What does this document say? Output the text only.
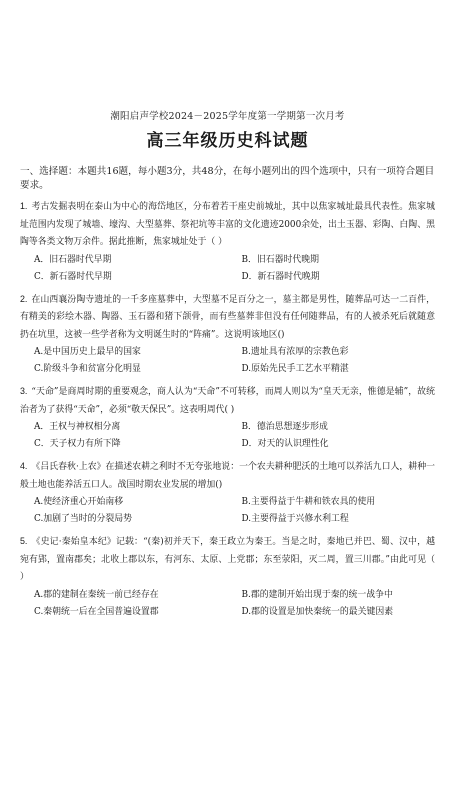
潮阳启声学校2024－2025学年度第一学期第一次月考
高三年级历史科试题
一、选择题：本题共16题，每小题3分，共48分，在每小题列出的四个选项中，只有一项符合题目要求。
1. 考古发掘表明在泰山为中心的海岱地区，分布着若干座史前城址，其中以焦家城址最具代表性。焦家城址范围内发现了城墙、壕沟、大型墓葬、祭祀坑等丰富的文化遗迹2000余处，出土玉器、彩陶、白陶、黑陶等各类文物万余件。据此推断，焦家城址处于（ ）
A．旧石器时代早期	B．旧石器时代晚期
C．新石器时代早期	D．新石器时代晚期
2. 在山西襄汾陶寺遗址的一千多座墓葬中，大型墓不足百分之一，墓主都是男性，随葬品可达一二百件，有精美的彩绘木器、陶器、玉石器和猪下颌骨，而有些墓葬非但没有任何随葬品，有的人被杀死后就随意扔在坑里，这被一些学者称为文明诞生时的“阵痛”。这说明该地区()
A.是中国历史上最早的国家	B.遗址具有浓厚的宗教色彩
C.阶级斗争和贫富分化明显	D.原始先民手工艺水平精湛
3. “天命”是商周时期的重要观念，商人认为“天命”不可转移，而周人则以为“皇天无亲，惟德是辅”，故统治者为了获得“天命”，必须“敬天保民”。这表明周代( )
A．王权与神权相分离	B．德治思想逐步形成
C．天子权力有所下降	D．对天的认识理性化
4. 《吕氏春秋·上农》在描述农耕之利时不无夸张地说：一个农夫耕种肥沃的土地可以养活九口人，耕种一般土地也能养活五口人。战国时期农业发展的增加()
A.使经济重心开始南移	B.主要得益于牛耕和铁农具的使用
C.加剧了当时的分裂局势	D.主要得益于兴修水利工程
5. 《史记·秦始皇本纪》记载：“(秦)初并天下，秦王政立为秦王。当是之时，秦地已并巴、蜀、汉中，越宛有郢，置南郡矣；北收上郡以东，有河东、太原、上党郡；东至荥阳，灭二周，置三川郡。”由此可见（ ）
A.郡的建制在秦统一前已经存在	B.郡的建制开始出现于秦的统一战争中
C.秦朝统一后在全国普遍设置郡	D.郡的设置是加快秦统一的最关键因素
